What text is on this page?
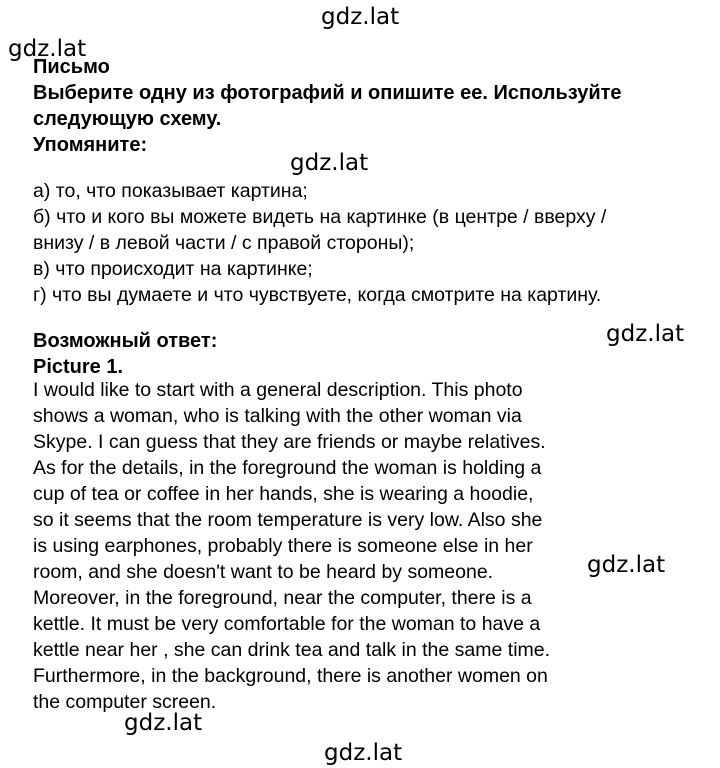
gdz.lat
gdz.lat
gdz.lat
gdz.lat
gdz.lat
gdz.lat
gdz.lat
Письмо
Выберите одну из фотографий и опишите ее. Используйте
следующую схему.
Упомяните:
а) то, что показывает картина;
б) что и кого вы можете видеть на картинке (в центре / вверху /
внизу / в левой части / с правой стороны);
в) что происходит на картинке;
г) что вы думаете и что чувствуете, когда смотрите на картину.
Возможный ответ:
Picture 1.
I would like to start with a general description. This photo
shows a woman, who is talking with the other woman via
Skype. I can guess that they are friends or maybe relatives.
As for the details, in the foreground the woman is holding a
cup of tea or coffee in her hands, she is wearing a hoodie,
so it seems that the room temperature is very low. Also she
is using earphones, probably there is someone else in her
room, and she doesn't want to be heard by someone.
Moreover, in the foreground, near the computer, there is a
kettle. It must be very comfortable for the woman to have a
kettle near her , she can drink tea and talk in the same time.
Furthermore, in the background, there is another women on
the computer screen.
